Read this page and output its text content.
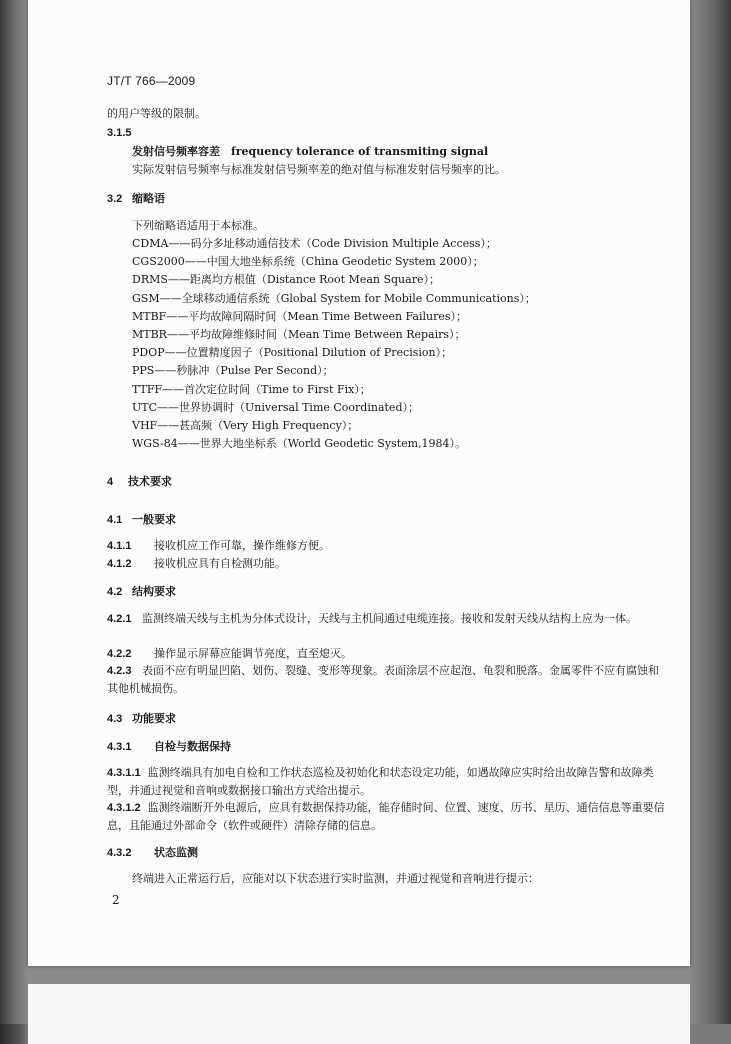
JT/T 766—2009
的用户等级的限制。
3.1.5
发射信号频率容差　frequency tolerance of transmiting signal
实际发射信号频率与标准发射信号频率差的绝对值与标准发射信号频率的比。
3.2 缩略语
下列缩略语适用于本标准。
CDMA——码分多址移动通信技术（Code Division Multiple Access）；
CGS2000——中国大地坐标系统（China Geodetic System 2000）；
DRMS——距离均方根值（Distance Root Mean Square）；
GSM——全球移动通信系统（Global System for Mobile Communications）；
MTBF——平均故障间隔时间（Mean Time Between Failures）；
MTBR——平均故障维修时间（Mean Time Between Repairs）；
PDOP——位置精度因子（Positional Dilution of Precision）；
PPS——秒脉冲（Pulse Per Second）；
TTFF——首次定位时间（Time to First Fix）；
UTC——世界协调时（Universal Time Coordinated）；
VHF——甚高频（Very High Frequency）；
WGS-84——世界大地坐标系（World Geodetic System,1984）。
4 技术要求
4.1 一般要求
4.1.1 接收机应工作可靠，操作维修方便。
4.1.2 接收机应具有自检测功能。
4.2 结构要求
4.2.1 监测终端天线与主机为分体式设计，天线与主机间通过电缆连接。接收和发射天线从结构上应为一体。
4.2.2 操作显示屏幕应能调节亮度，直至熄灭。
4.2.3 表面不应有明显凹陷、划伤、裂缝、变形等现象。表面涂层不应起泡、龟裂和脱落。金属零件不应有腐蚀和其他机械损伤。
4.3 功能要求
4.3.1 自检与数据保持
4.3.1.1 监测终端具有加电自检和工作状态巡检及初始化和状态设定功能，如遇故障应实时给出故障告警和故障类型，并通过视觉和音响或数据接口输出方式给出提示。
4.3.1.2 监测终端断开外电源后，应具有数据保持功能，能存储时间、位置、速度、历书、星历、通信信息等重要信息，且能通过外部命令（软件或硬件）清除存储的信息。
4.3.2 状态监测
终端进入正常运行后，应能对以下状态进行实时监测，并通过视觉和音响进行提示：
2
